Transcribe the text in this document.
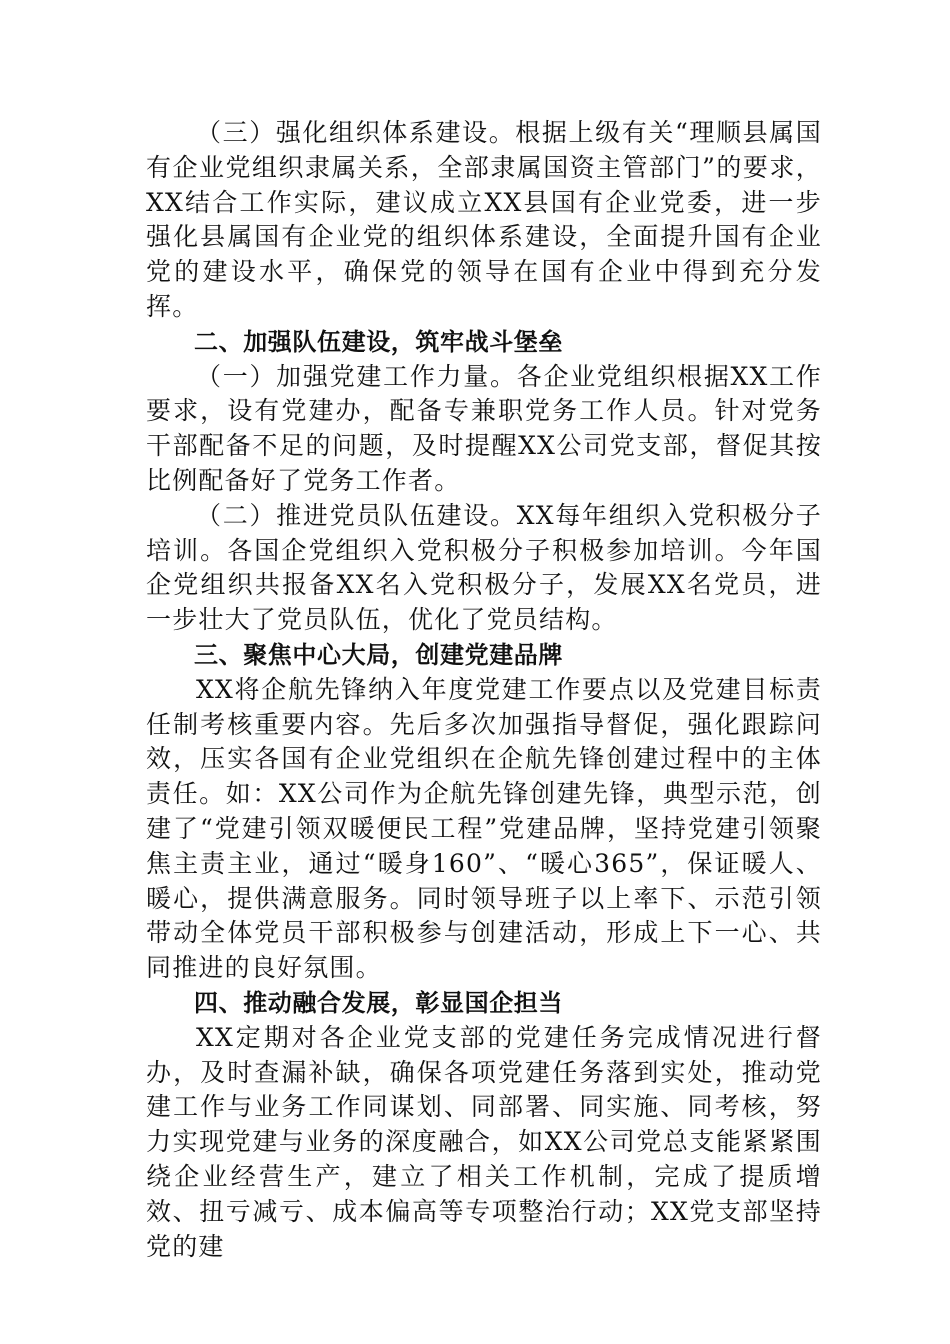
（三）强化组织体系建设。根据上级有关“理顺县属国有企业党组织隶属关系，全部隶属国资主管部门”的要求，XX结合工作实际，建议成立XX县国有企业党委，进一步强化县属国有企业党的组织体系建设，全面提升国有企业党的建设水平，确保党的领导在国有企业中得到充分发挥。

二、加强队伍建设，筑牢战斗堡垒

（一）加强党建工作力量。各企业党组织根据XX工作要求，设有党建办，配备专兼职党务工作人员。针对党务干部配备不足的问题，及时提醒XX公司党支部，督促其按比例配备好了党务工作者。

（二）推进党员队伍建设。XX每年组织入党积极分子培训。各国企党组织入党积极分子积极参加培训。今年国企党组织共报备XX名入党积极分子，发展XX名党员，进一步壮大了党员队伍，优化了党员结构。

三、聚焦中心大局，创建党建品牌

XX将企航先锋纳入年度党建工作要点以及党建目标责任制考核重要内容。先后多次加强指导督促，强化跟踪问效，压实各国有企业党组织在企航先锋创建过程中的主体责任。如：XX公司作为企航先锋创建先锋，典型示范，创建了“党建引领双暖便民工程”党建品牌，坚持党建引领聚焦主责主业，通过“暖身160”、“暖心365”，保证暖人、暖心，提供满意服务。同时领导班子以上率下、示范引领带动全体党员干部积极参与创建活动，形成上下一心、共同推进的良好氛围。

四、推动融合发展，彰显国企担当

XX定期对各企业党支部的党建任务完成情况进行督办，及时查漏补缺，确保各项党建任务落到实处，推动党建工作与业务工作同谋划、同部署、同实施、同考核，努力实现党建与业务的深度融合，如XX公司党总支能紧紧围绕企业经营生产，建立了相关工作机制，完成了提质增效、扭亏减亏、成本偏高等专项整治行动；XX党支部坚持党的建
